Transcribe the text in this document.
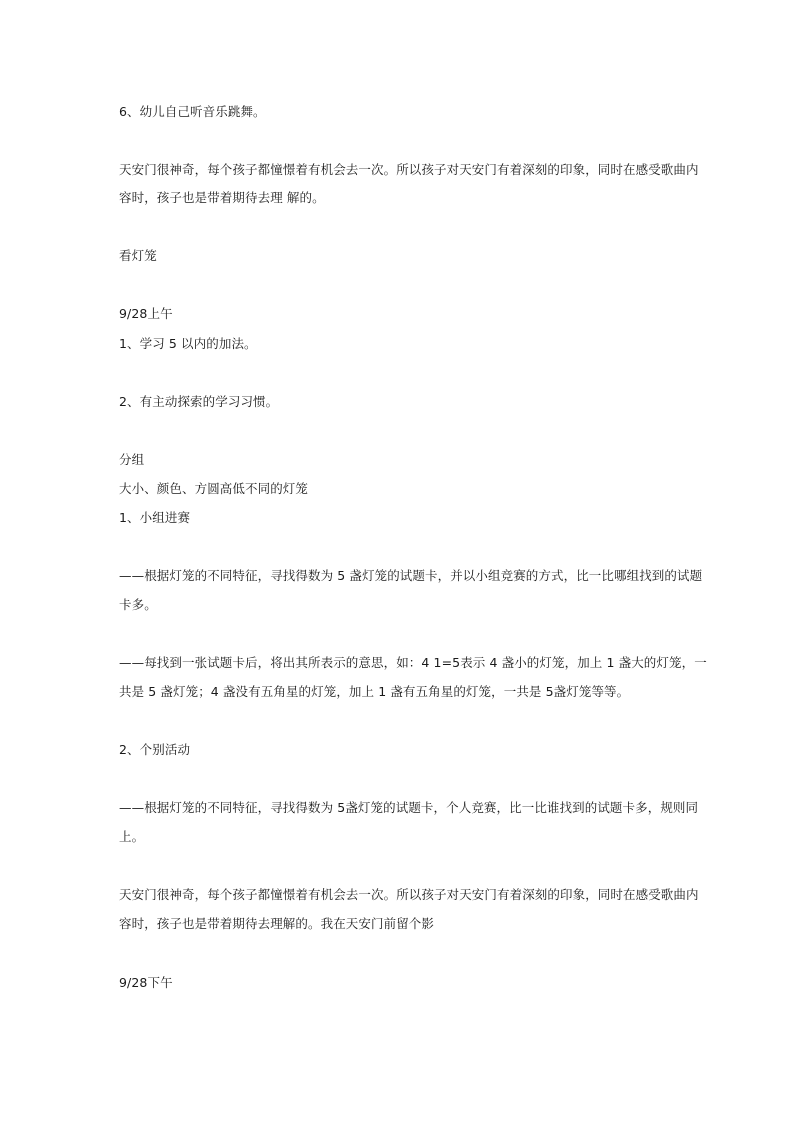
6、幼儿自己听音乐跳舞。
天安门很神奇，每个孩子都憧憬着有机会去一次。所以孩子对天安门有着深刻的印象，同时在感受歌曲内
容时，孩子也是带着期待去理 解的。
看灯笼
9/28上午
1、学习 5 以内的加法。
2、有主动探索的学习习惯。
分组
大小、颜色、方圆高低不同的灯笼
1、小组进赛
——根据灯笼的不同特征，寻找得数为 5 盏灯笼的试题卡，并以小组竞赛的方式，比一比哪组找到的试题
卡多。
——每找到一张试题卡后，将出其所表示的意思，如：4 1=5表示 4 盏小的灯笼，加上 1 盏大的灯笼，一
共是 5 盏灯笼；4 盏没有五角星的灯笼，加上 1 盏有五角星的灯笼，一共是 5盏灯笼等等。
2、个别活动
——根据灯笼的不同特征，寻找得数为 5盏灯笼的试题卡，个人竞赛，比一比谁找到的试题卡多，规则同
上。
天安门很神奇，每个孩子都憧憬着有机会去一次。所以孩子对天安门有着深刻的印象，同时在感受歌曲内
容时，孩子也是带着期待去理解的。我在天安门前留个影
9/28下午
